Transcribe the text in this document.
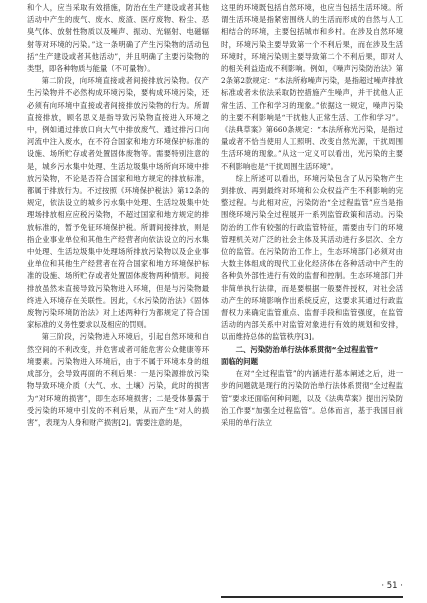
和个人，应当采取有效措施，防治在生产建设或者其他活动中产生的废气、废水、废渣、医疗废物、粉尘、恶臭气体、放射性物质以及噪声、振动、光辐射、电磁辐射等对环境的污染。”这一条明确了产生污染物的活动包括“生产建设或者其他活动”，并且明确了主要污染物的类型，即各种物质与能量（不可量物）。

第二阶段，向环境直接或者间接排放污染物。仅产生污染物并不必然构成环境污染，要构成环境污染，还必须有向环境中直接或者间接排放污染物的行为。所谓直接排放，顾名思义是指导致污染物直接进入环境之中，例如通过排放口向大气中排放废气、通过排污口向河流中注入废水，在不符合国家和地方环境保护标准的设施、场所贮存或者处置固体废物等。需要特别注意的是，城乡污水集中处理、生活垃圾集中场所向环境中排放污染物，不论是否符合国家和地方规定的排放标准，都属于排放行为。不过按照《环境保护税法》第12条的规定，依法设立的城乡污水集中处理、生活垃圾集中处理场排放相应应税污染物，不超过国家和地方规定的排放标准的，暂予免征环境保护税。所谓间接排放，则是指企业事业单位和其他生产经营者向依法设立的污水集中处理、生活垃圾集中处理场所排放污染物以及企业事业单位和其他生产经营者在符合国家和地方环境保护标准的设施、场所贮存或者处置固体废物两种情形。间接排放虽然未直接导致污染物进入环境，但是与污染物最终进入环境存在关联性。因此，《水污染防治法》《固体废物污染环境防治法》对上述两种行为都规定了符合国家标准的义务性要求以及相应的罚则。

第三阶段，污染物进入环境后，引起自然环境和自然空间的不利改变，并危害或者可能危害公众健康等环境要素。污染物进入环境后，由于不属于环境本身的组成部分，会导致再面的不利后果：一是污染源排放污染物导致环境介质（大气、水、土壤）污染，此时的损害为“对环境的损害”，即生态环境损害；二是受体暴露于受污染的环境中引发的不利后果，从而产生“对人的损害”，表现为人身和财产损害[2]。需要注意的是，

这里的环境既包括自然环境，也应当包括生活环境。所谓生活环境是指紧密围绕人的生活而形成的自然与人工相结合的环境，主要包括城市和乡村。在涉及自然环境时，环境污染主要导致第一个不利后果，而在涉及生活环境时，环境污染则主要导致第二个不利后果，即对人的相关利益造成不利影响。例如，《噪声污染防治法》第2条第2款规定：“本法所称噪声污染，是指超过噪声排放标准或者未依法采取防控措施产生噪声，并干扰他人正常生活、工作和学习的现象。”依据这一规定，噪声污染的主要不利影响是“干扰他人正常生活、工作和学习”。《法典草案》第660条规定：“本法所称光污染，是指过量或者不恰当使用人工照明、改变自然光源，干扰周围生活环境的现象。”从这一定义可以看出，光污染的主要不利影响也是“干扰周围生活环境”。

综上所述可以看出，环境污染包含了从污染物产生到排放、再到最终对环境和公众权益产生不利影响的完整过程。与此相对应，污染防治“全过程监管”应当是指围绕环境污染全过程展开一系列监管政策和活动。污染防治的工作有较强的行政监管特征，需要由专门的环境管理机关对广泛的社会主体及其活动进行多层次、全方位的监管。在污染防治工作上，生态环境部门必须对由大数主体组成的现代工业化经济体在各种活动中产生的各种负外部性进行有效的监督和控制。生态环境部门并非简单执行法律，而是要根据一般要件授权，对社会活动产生的环境影响作出系统反应，这要求其通过行政监督权力来确定监管重点、监督手段和监管强度，在监管活动的内部关系中对监管对象进行有效的规划和安排，以而维持总体的监管秩序[3]。

二、污染防治单行法体系贯彻“全过程监管”

面临的问题

在对“全过程监管”的内涵进行基本阐述之后，进一步的问题就是现行的污染防治单行法体系贯彻“全过程监管”要求还面临何种问题，以及《法典草案》提出污染防治工作要“加强全过程监管”。总体而言，基于我国目前采用的单行法立

· 51 ·
